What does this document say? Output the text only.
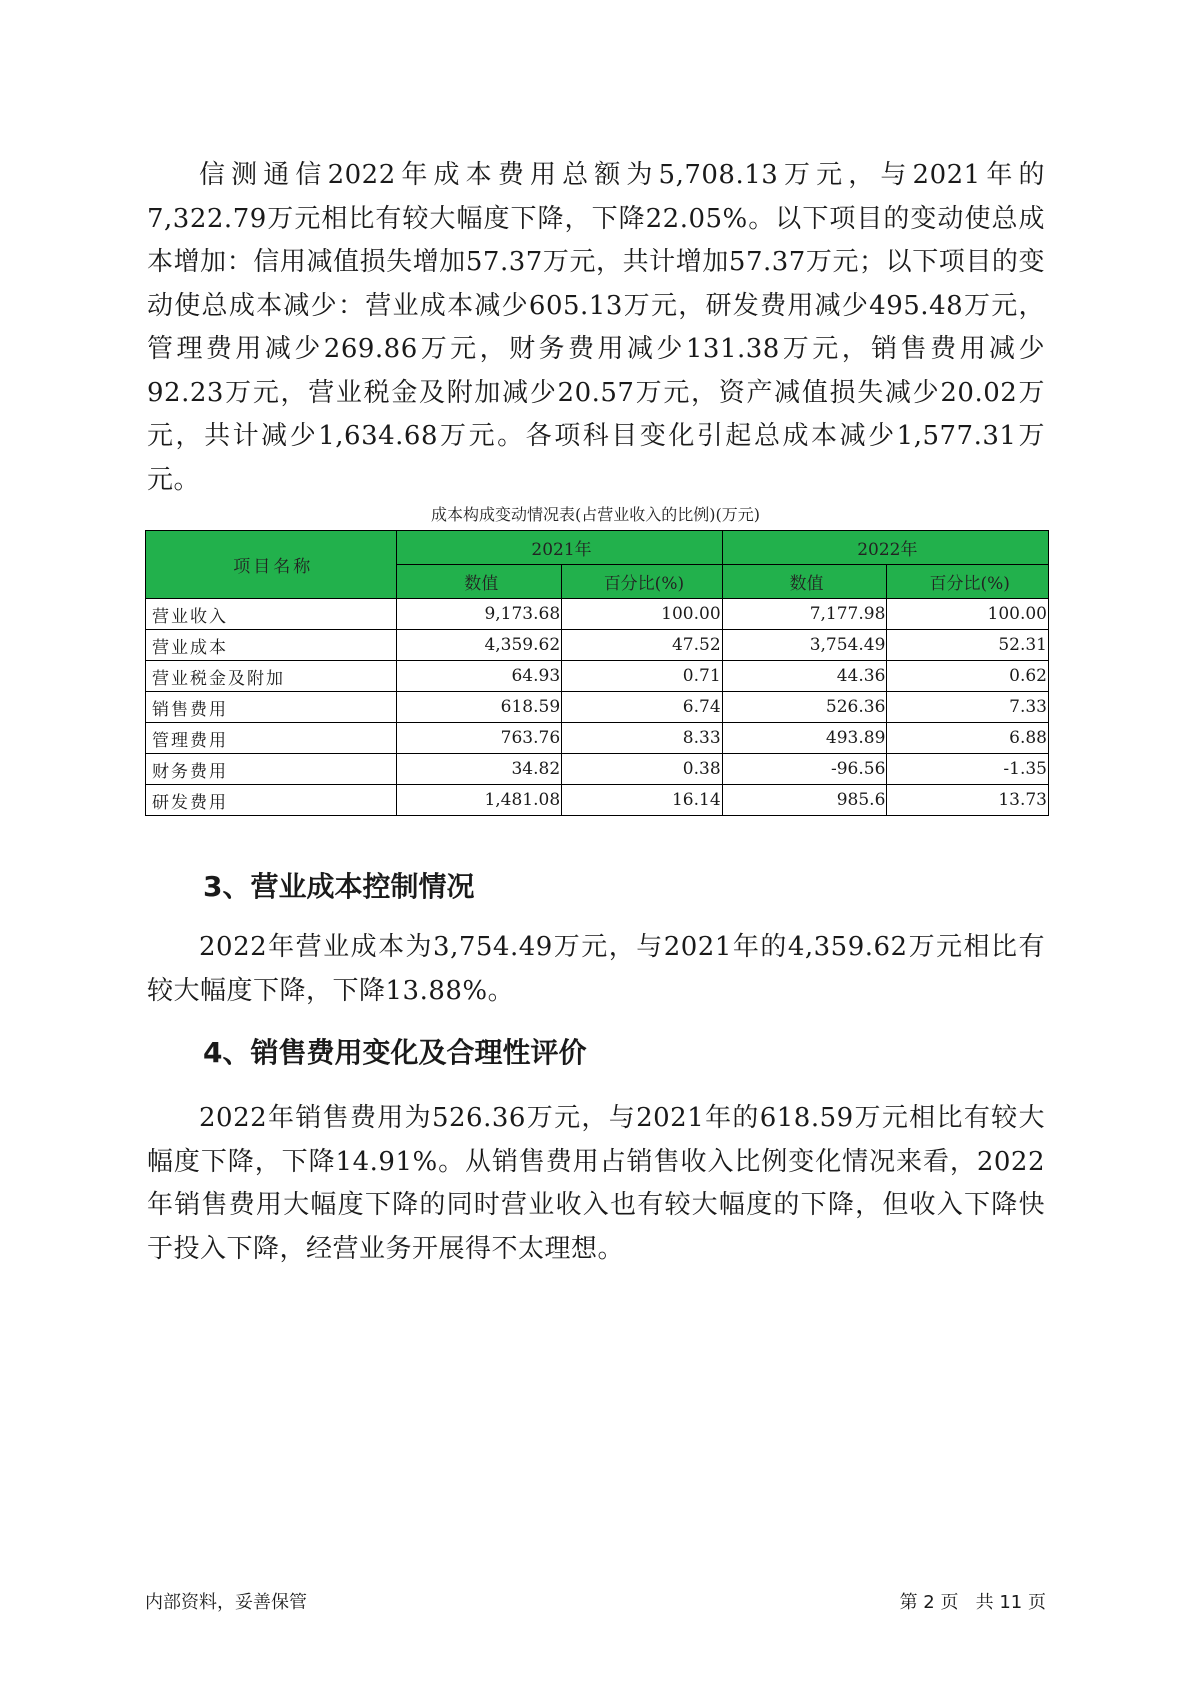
信测通信2022年成本费用总额为5,708.13万元，与2021年的7,322.79万元相比有较大幅度下降，下降22.05%。以下项目的变动使总成本增加：信用减值损失增加57.37万元，共计增加57.37万元；以下项目的变动使总成本减少：营业成本减少605.13万元，研发费用减少495.48万元，管理费用减少269.86万元，财务费用减少131.38万元，销售费用减少92.23万元，营业税金及附加减少20.57万元，资产减值损失减少20.02万元，共计减少1,634.68万元。各项科目变化引起总成本减少1,577.31万元。

成本构成变动情况表(占营业收入的比例)(万元)
项目名称	2021年		2022年	
	数值	百分比(%)	数值	百分比(%)
营业收入	9,173.68	100.00	7,177.98	100.00
营业成本	4,359.62	47.52	3,754.49	52.31
营业税金及附加	64.93	0.71	44.36	0.62
销售费用	618.59	6.74	526.36	7.33
管理费用	763.76	8.33	493.89	6.88
财务费用	34.82	0.38	-96.56	-1.35
研发费用	1,481.08	16.14	985.6	13.73
3、营业成本控制情况

2022年营业成本为3,754.49万元，与2021年的4,359.62万元相比有较大幅度下降，下降13.88%。

4、销售费用变化及合理性评价

2022年销售费用为526.36万元，与2021年的618.59万元相比有较大幅度下降，下降14.91%。从销售费用占销售收入比例变化情况来看，2022年销售费用大幅度下降的同时营业收入也有较大幅度的下降，但收入下降快于投入下降，经营业务开展得不太理想。

内部资料，妥善保管	第 2 页   共 11 页
